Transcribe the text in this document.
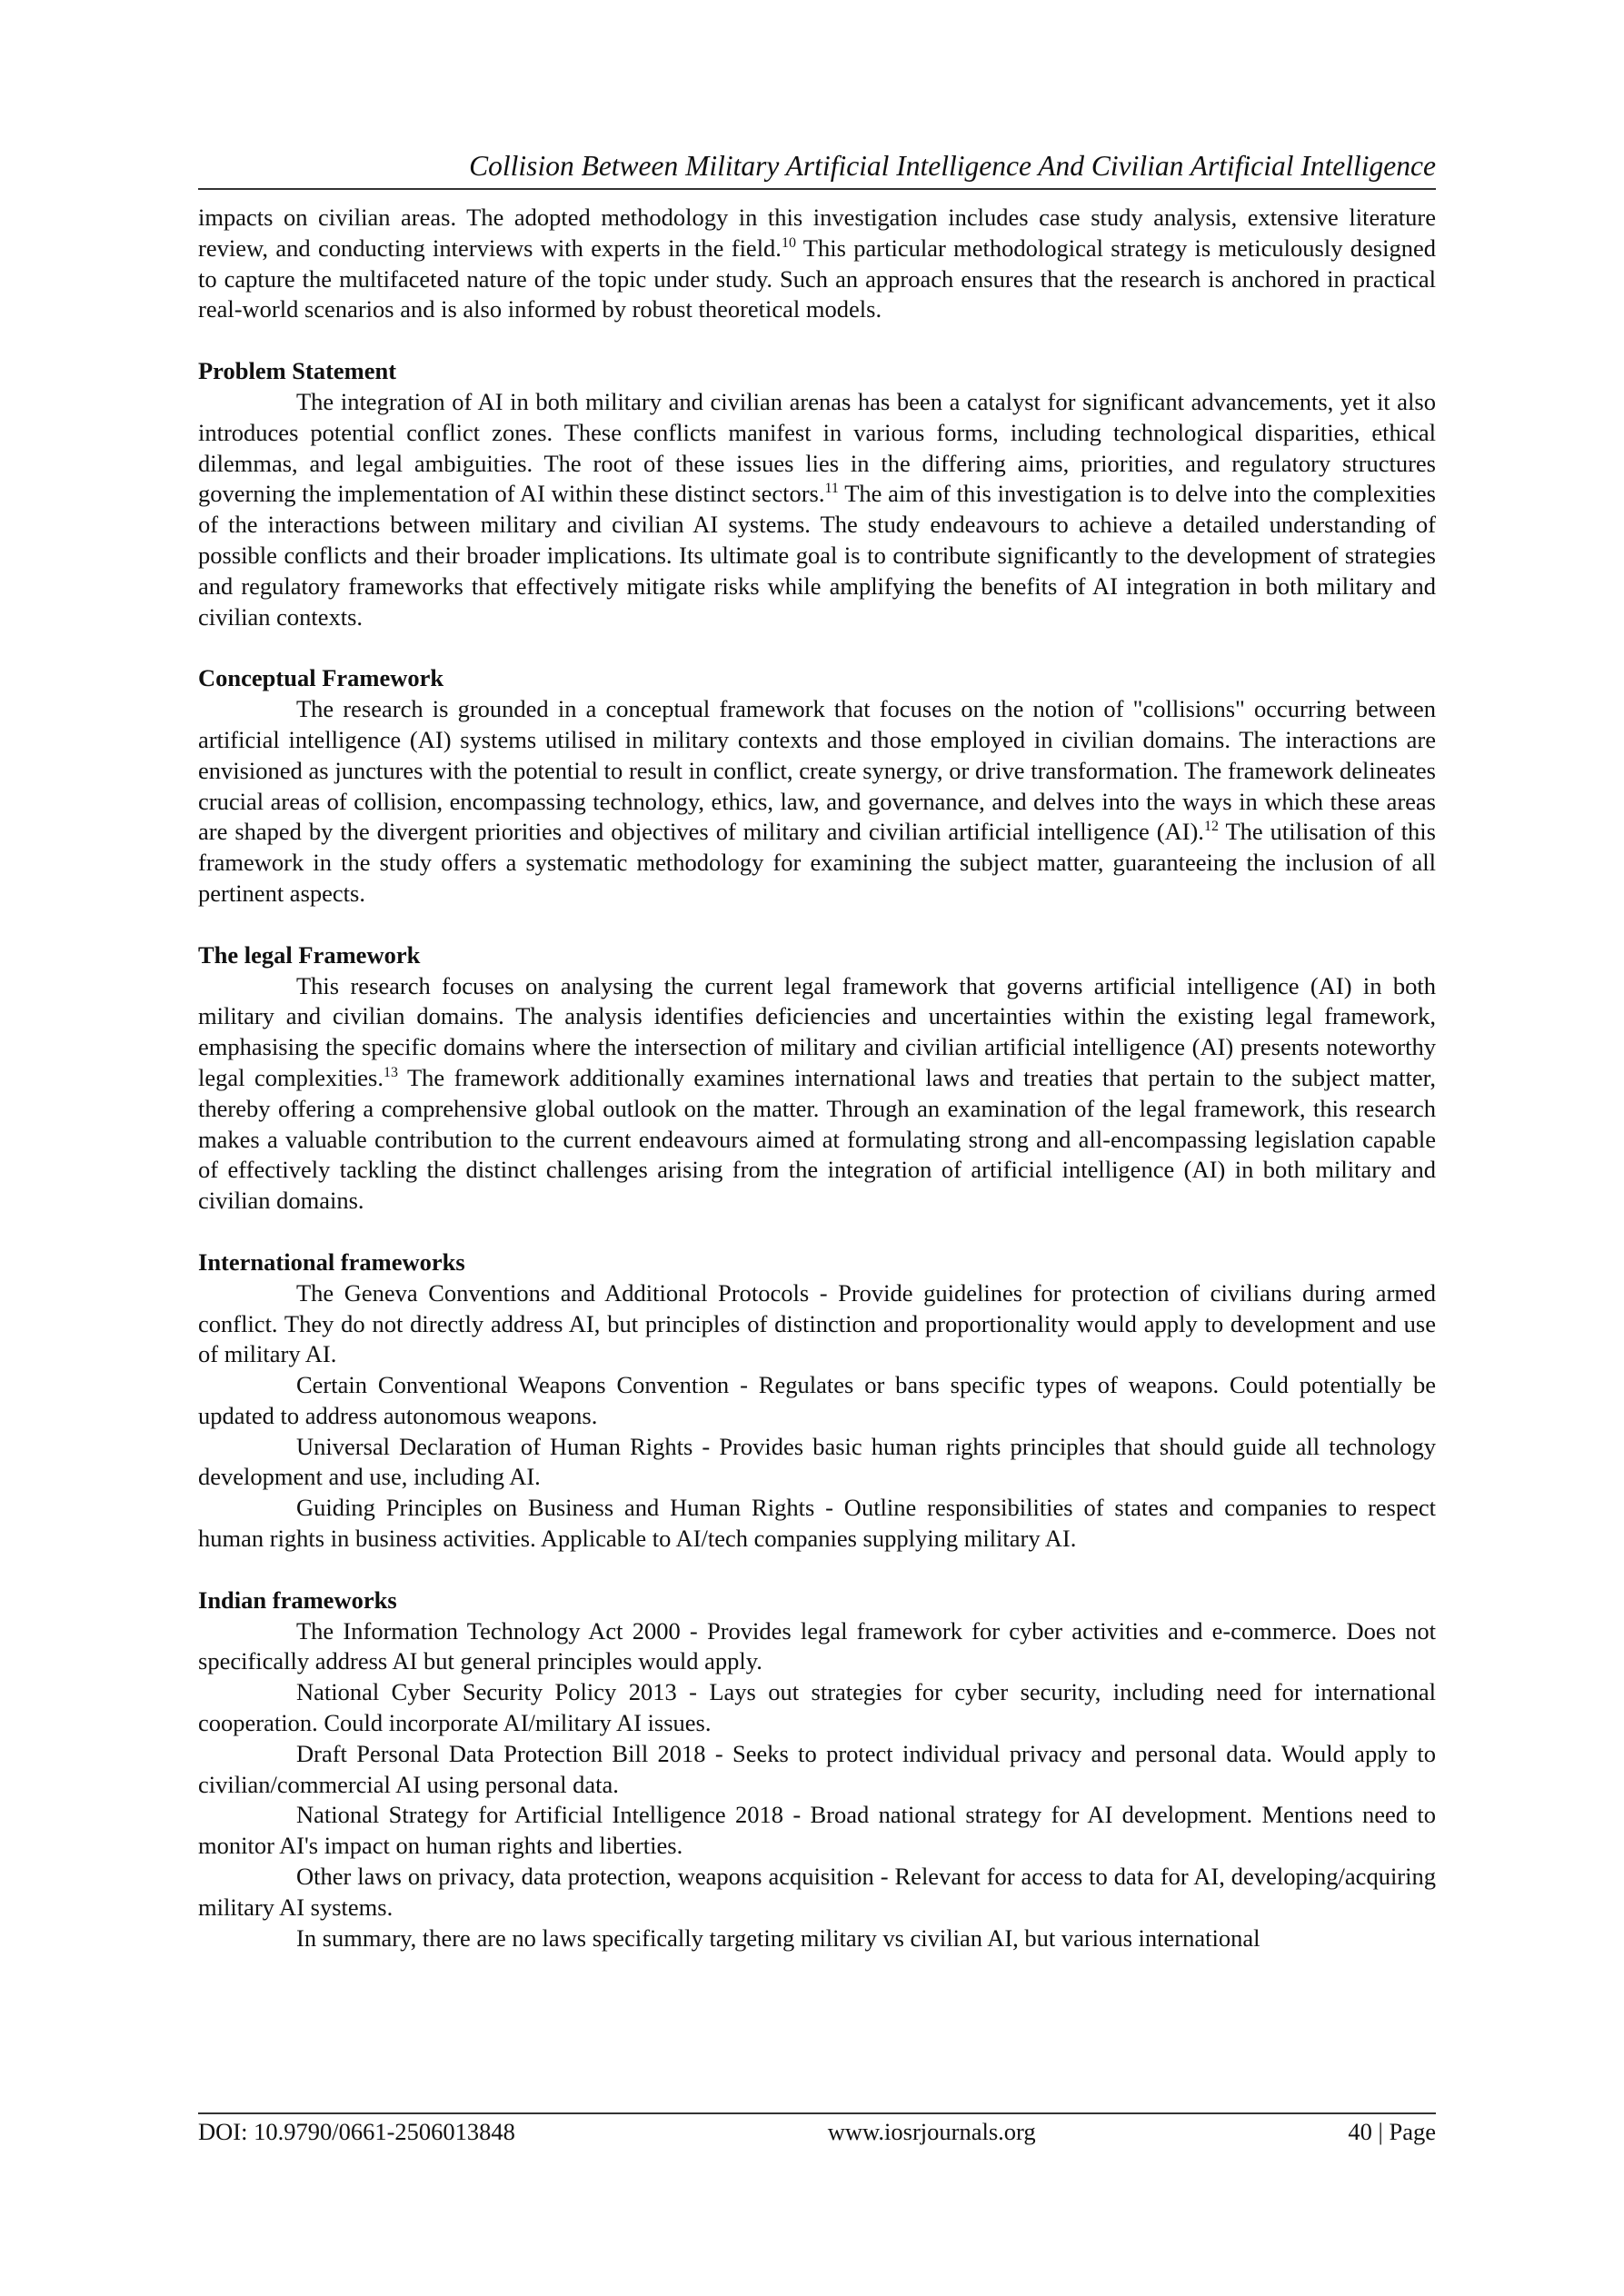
Collision Between Military Artificial Intelligence And Civilian Artificial Intelligence

impacts on civilian areas. The adopted methodology in this investigation includes case study analysis, extensive literature review, and conducting interviews with experts in the field.$^{10}$ This particular methodological strategy is meticulously designed to capture the multifaceted nature of the topic under study. Such an approach ensures that the research is anchored in practical real-world scenarios and is also informed by robust theoretical models.

Problem Statement

The integration of AI in both military and civilian arenas has been a catalyst for significant advancements, yet it also introduces potential conflict zones. These conflicts manifest in various forms, including technological disparities, ethical dilemmas, and legal ambiguities. The root of these issues lies in the differing aims, priorities, and regulatory structures governing the implementation of AI within these distinct sectors.$^{11}$ The aim of this investigation is to delve into the complexities of the interactions between military and civilian AI systems. The study endeavours to achieve a detailed understanding of possible conflicts and their broader implications. Its ultimate goal is to contribute significantly to the development of strategies and regulatory frameworks that effectively mitigate risks while amplifying the benefits of AI integration in both military and civilian contexts.

Conceptual Framework

The research is grounded in a conceptual framework that focuses on the notion of "collisions" occurring between artificial intelligence (AI) systems utilised in military contexts and those employed in civilian domains. The interactions are envisioned as junctures with the potential to result in conflict, create synergy, or drive transformation. The framework delineates crucial areas of collision, encompassing technology, ethics, law, and governance, and delves into the ways in which these areas are shaped by the divergent priorities and objectives of military and civilian artificial intelligence (AI).$^{12}$ The utilisation of this framework in the study offers a systematic methodology for examining the subject matter, guaranteeing the inclusion of all pertinent aspects.

The legal Framework

This research focuses on analysing the current legal framework that governs artificial intelligence (AI) in both military and civilian domains. The analysis identifies deficiencies and uncertainties within the existing legal framework, emphasising the specific domains where the intersection of military and civilian artificial intelligence (AI) presents noteworthy legal complexities.$^{13}$ The framework additionally examines international laws and treaties that pertain to the subject matter, thereby offering a comprehensive global outlook on the matter. Through an examination of the legal framework, this research makes a valuable contribution to the current endeavours aimed at formulating strong and all-encompassing legislation capable of effectively tackling the distinct challenges arising from the integration of artificial intelligence (AI) in both military and civilian domains.

International frameworks

The Geneva Conventions and Additional Protocols - Provide guidelines for protection of civilians during armed conflict. They do not directly address AI, but principles of distinction and proportionality would apply to development and use of military AI.

Certain Conventional Weapons Convention - Regulates or bans specific types of weapons. Could potentially be updated to address autonomous weapons.

Universal Declaration of Human Rights - Provides basic human rights principles that should guide all technology development and use, including AI.

Guiding Principles on Business and Human Rights - Outline responsibilities of states and companies to respect human rights in business activities. Applicable to AI/tech companies supplying military AI.

Indian frameworks

The Information Technology Act 2000 - Provides legal framework for cyber activities and e-commerce. Does not specifically address AI but general principles would apply.

National Cyber Security Policy 2013 - Lays out strategies for cyber security, including need for international cooperation. Could incorporate AI/military AI issues.

Draft Personal Data Protection Bill 2018 - Seeks to protect individual privacy and personal data. Would apply to civilian/commercial AI using personal data.

National Strategy for Artificial Intelligence 2018 - Broad national strategy for AI development. Mentions need to monitor AI's impact on human rights and liberties.

Other laws on privacy, data protection, weapons acquisition - Relevant for access to data for AI, developing/acquiring military AI systems.

In summary, there are no laws specifically targeting military vs civilian AI, but various international

DOI: 10.9790/0661-2506013848	www.iosrjournals.org	40 | Page
